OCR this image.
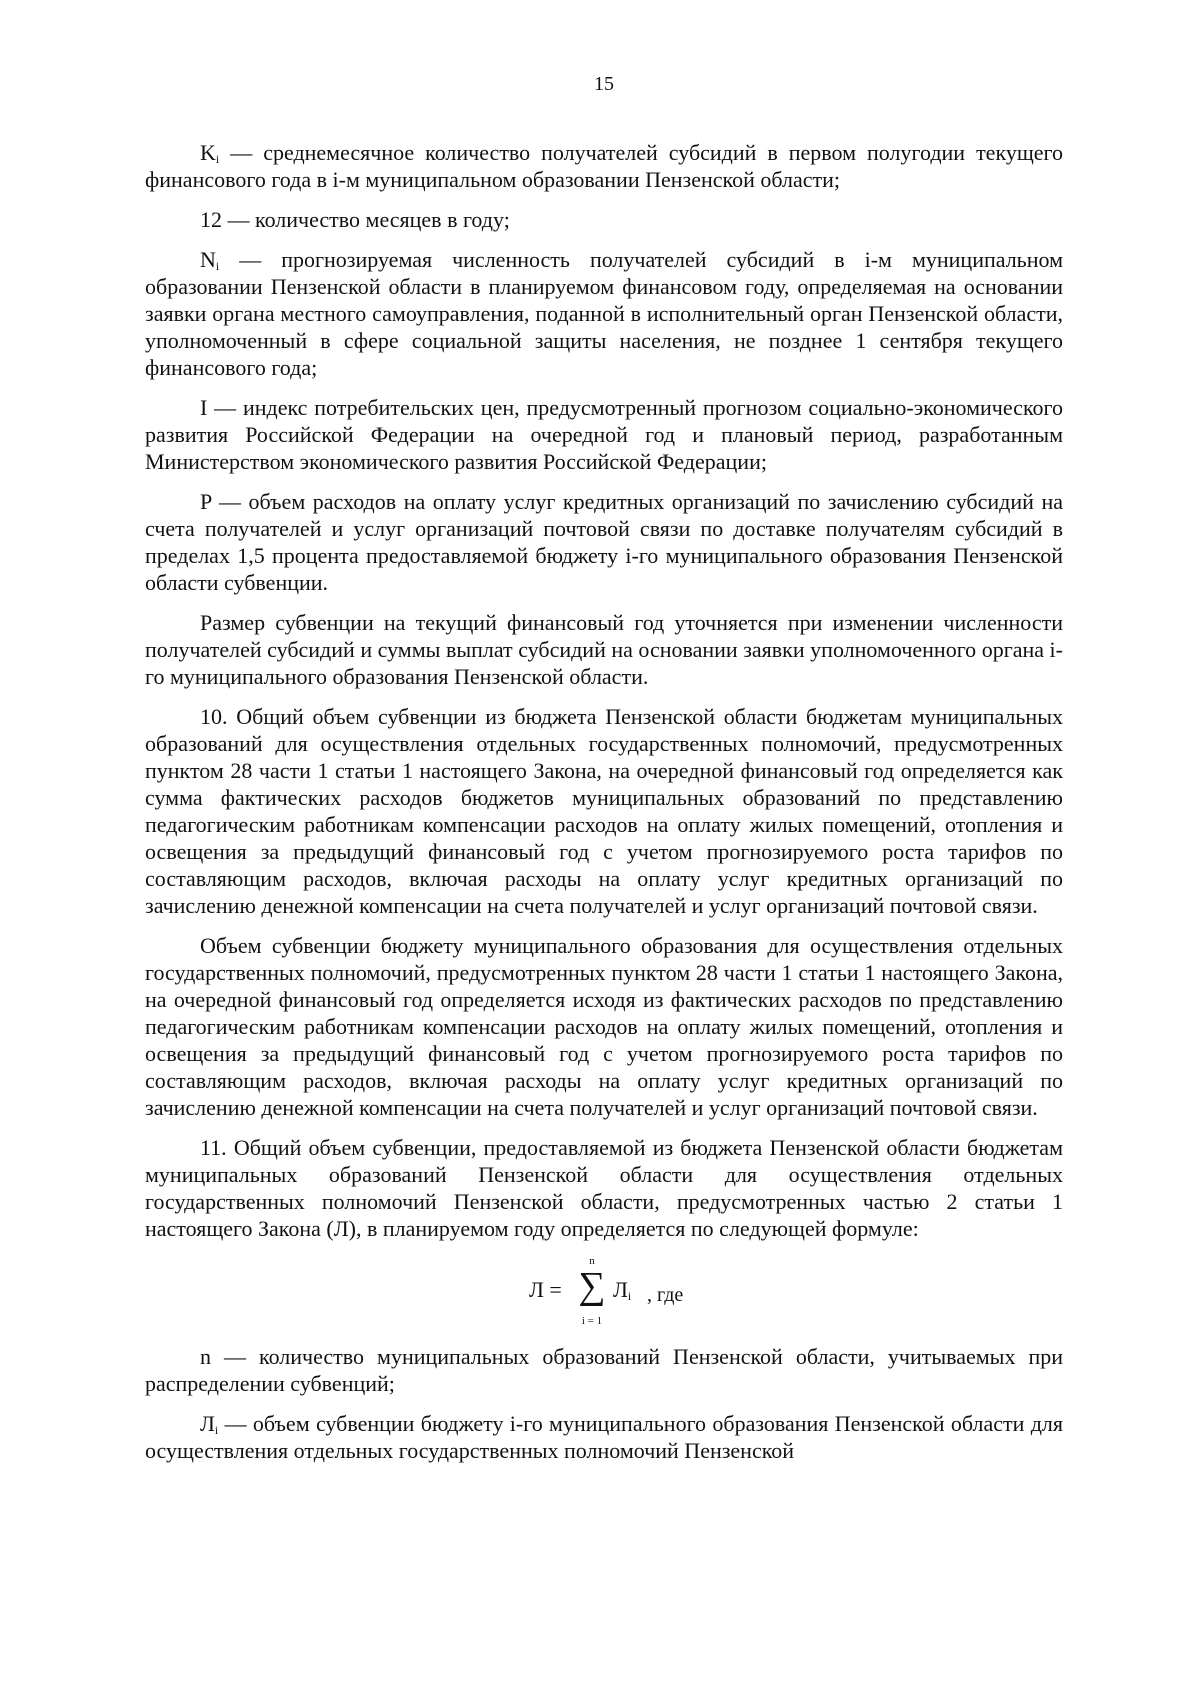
15

$K_i$ — среднемесячное количество получателей субсидий в первом полугодии текущего финансового года в i-м муниципальном образовании Пензенской области;

12 — количество месяцев в году;

$N_i$ — прогнозируемая численность получателей субсидий в i-м муниципальном образовании Пензенской области в планируемом финансовом году, определяемая на основании заявки органа местного самоуправления, поданной в исполнительный орган Пензенской области, уполномоченный в сфере социальной защиты населения, не позднее 1 сентября текущего финансового года;

I — индекс потребительских цен, предусмотренный прогнозом социально-экономического развития Российской Федерации на очередной год и плановый период, разработанным Министерством экономического развития Российской Федерации;

P — объем расходов на оплату услуг кредитных организаций по зачислению субсидий на счета получателей и услуг организаций почтовой связи по доставке получателям субсидий в пределах 1,5 процента предоставляемой бюджету i-го муниципального образования Пензенской области субвенции.

Размер субвенции на текущий финансовый год уточняется при изменении численности получателей субсидий и суммы выплат субсидий на основании заявки уполномоченного органа i-го муниципального образования Пензенской области.

10. Общий объем субвенции из бюджета Пензенской области бюджетам муниципальных образований для осуществления отдельных государственных полномочий, предусмотренных пунктом 28 части 1 статьи 1 настоящего Закона, на очередной финансовый год определяется как сумма фактических расходов бюджетов муниципальных образований по представлению педагогическим работникам компенсации расходов на оплату жилых помещений, отопления и освещения за предыдущий финансовый год с учетом прогнозируемого роста тарифов по составляющим расходов, включая расходы на оплату услуг кредитных организаций по зачислению денежной компенсации на счета получателей и услуг организаций почтовой связи.

Объем субвенции бюджету муниципального образования для осуществления отдельных государственных полномочий, предусмотренных пунктом 28 части 1 статьи 1 настоящего Закона, на очередной финансовый год определяется исходя из фактических расходов по представлению педагогическим работникам компенсации расходов на оплату жилых помещений, отопления и освещения за предыдущий финансовый год с учетом прогнозируемого роста тарифов по составляющим расходов, включая расходы на оплату услуг кредитных организаций по зачислению денежной компенсации на счета получателей и услуг организаций почтовой связи.

11. Общий объем субвенции, предоставляемой из бюджета Пензенской области бюджетам муниципальных образований Пензенской области для осуществления отдельных государственных полномочий Пензенской области, предусмотренных частью 2 статьи 1 настоящего Закона (Л), в планируемом году определяется по следующей формуле:

Л =
n
∑
i = 1
$Л_i$ , где

n — количество муниципальных образований Пензенской области, учитываемых при распределении субвенций;

$Л_i$ — объем субвенции бюджету i-го муниципального образования Пензенской области для осуществления отдельных государственных полномочий Пензенской
